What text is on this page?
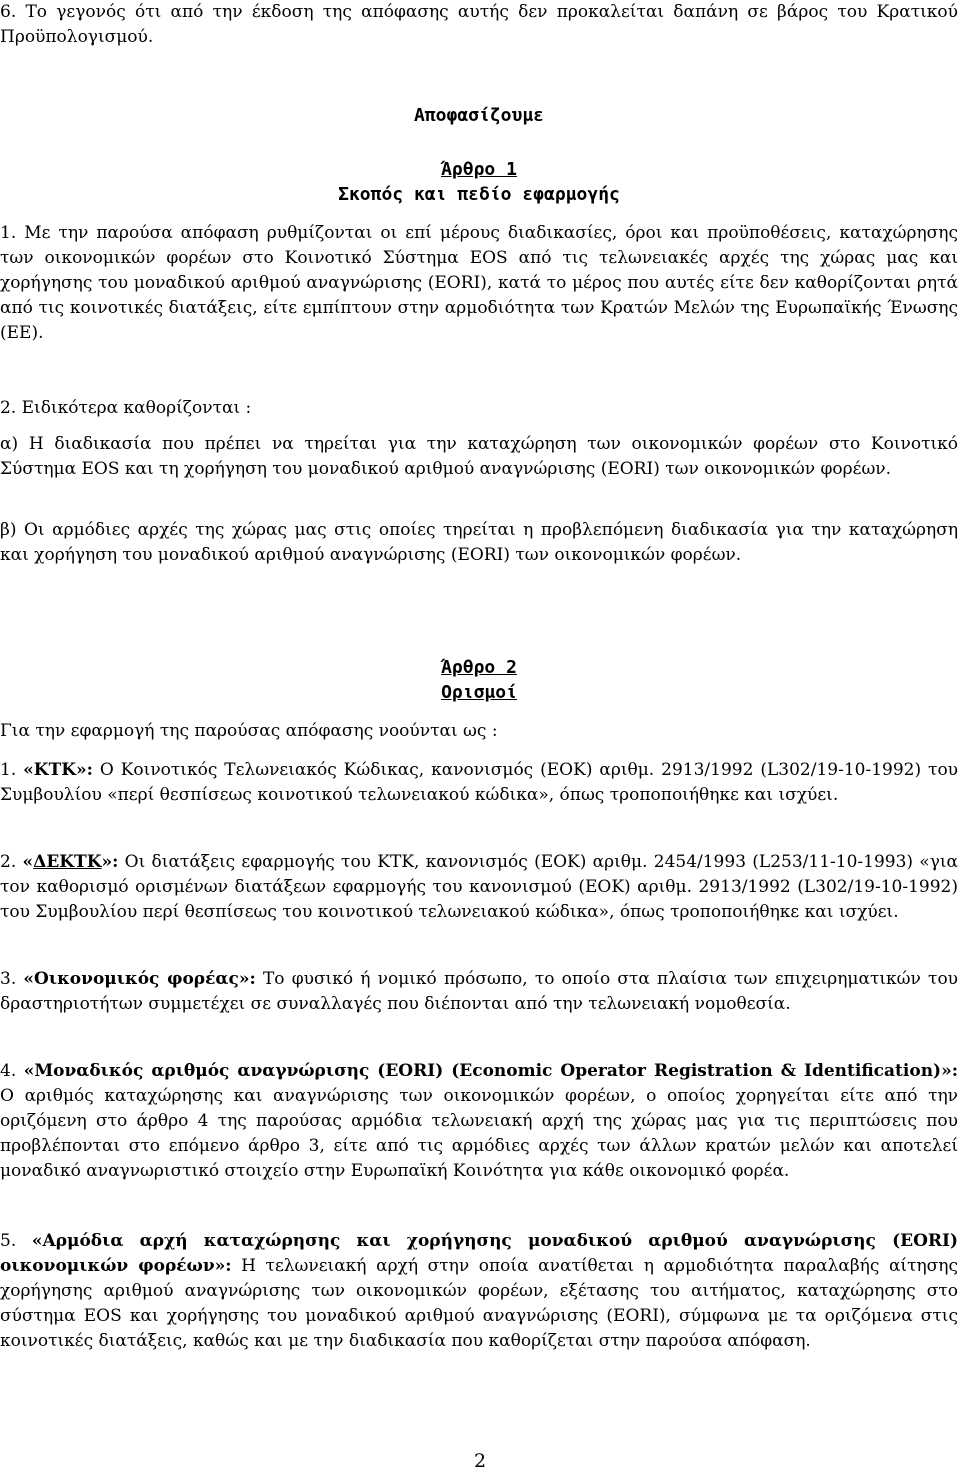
6. Το γεγονός ότι από την έκδοση της απόφασης αυτής δεν προκαλείται δαπάνη σε βάρος του Κρατικού Προϋπολογισμού.

Αποφασίζουμε

Άρθρο 1

Σκοπός και πεδίο εφαρμογής

1. Με την παρούσα απόφαση ρυθμίζονται οι επί μέρους διαδικασίες, όροι και προϋποθέσεις, καταχώρησης των οικονομικών φορέων στο Κοινοτικό Σύστημα EOS από τις τελωνειακές αρχές της χώρας μας και χορήγησης του μοναδικού αριθμού αναγνώρισης (EORI), κατά το μέρος που αυτές είτε δεν καθορίζονται ρητά από τις κοινοτικές διατάξεις, είτε εμπίπτουν στην αρμοδιότητα των Κρατών Μελών της Ευρωπαϊκής Ένωσης (ΕΕ).

2. Ειδικότερα καθορίζονται :

α) Η διαδικασία που πρέπει να τηρείται για την καταχώρηση των οικονομικών φορέων στο Κοινοτικό Σύστημα EOS και τη χορήγηση του μοναδικού αριθμού αναγνώρισης (EORI) των οικονομικών φορέων.

β) Οι αρμόδιες αρχές της χώρας μας στις οποίες τηρείται η προβλεπόμενη διαδικασία για την καταχώρηση και χορήγηση του μοναδικού αριθμού αναγνώρισης (EORI) των οικονομικών φορέων.

Άρθρο 2

Ορισμοί

Για την εφαρμογή της παρούσας απόφασης νοούνται ως :

1. «ΚΤΚ»: Ο Κοινοτικός Τελωνειακός Κώδικας, κανονισμός (ΕΟΚ) αριθμ. 2913/1992 (L302/19-10-1992) του Συμβουλίου «περί θεσπίσεως κοινοτικού τελωνειακού κώδικα», όπως τροποποιήθηκε και ισχύει.

2. «ΔΕΚΤΚ»: Οι διατάξεις εφαρμογής του ΚΤΚ, κανονισμός (ΕΟΚ) αριθμ. 2454/1993 (L253/11-10-1993) «για τον καθορισμό ορισμένων διατάξεων εφαρμογής του κανονισμού (ΕΟΚ) αριθμ. 2913/1992 (L302/19-10-1992) του Συμβουλίου περί θεσπίσεως του κοινοτικού τελωνειακού κώδικα», όπως τροποποιήθηκε και ισχύει.

3. «Οικονομικός φορέας»: Το φυσικό ή νομικό πρόσωπο, το οποίο στα πλαίσια των επιχειρηματικών του δραστηριοτήτων συμμετέχει σε συναλλαγές που διέπονται από την τελωνειακή νομοθεσία.

4. «Μοναδικός αριθμός αναγνώρισης (EORI) (Economic Operator Registration & Identification)»: Ο αριθμός καταχώρησης και αναγνώρισης των οικονομικών φορέων, ο οποίος χορηγείται είτε από την οριζόμενη στο άρθρο 4 της παρούσας αρμόδια τελωνειακή αρχή της χώρας μας για τις περιπτώσεις που προβλέπονται στο επόμενο άρθρο 3, είτε από τις αρμόδιες αρχές των άλλων κρατών μελών και αποτελεί μοναδικό αναγνωριστικό στοιχείο στην Ευρωπαϊκή Κοινότητα για κάθε οικονομικό φορέα.

5. «Αρμόδια αρχή καταχώρησης και χορήγησης μοναδικού αριθμού αναγνώρισης (EORI) οικονομικών φορέων»: Η τελωνειακή αρχή στην οποία ανατίθεται η αρμοδιότητα παραλαβής αίτησης χορήγησης αριθμού αναγνώρισης των οικονομικών φορέων, εξέτασης του αιτήματος, καταχώρησης στο σύστημα EOS και χορήγησης του μοναδικού αριθμού αναγνώρισης (EORI), σύμφωνα με τα οριζόμενα στις κοινοτικές διατάξεις, καθώς και με την διαδικασία που καθορίζεται στην παρούσα απόφαση.

2
